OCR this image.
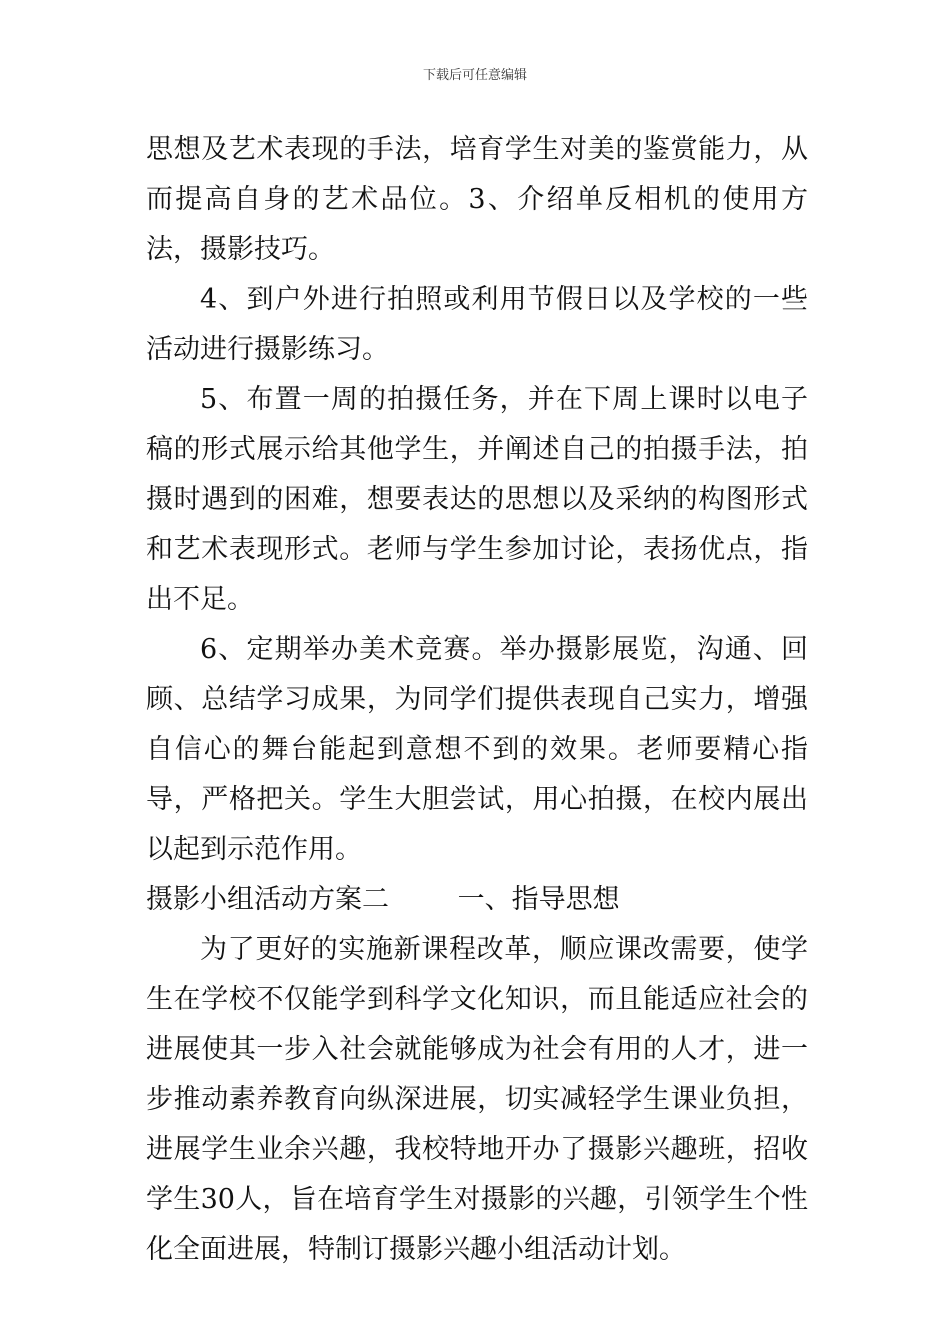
下载后可任意编辑

思想及艺术表现的手法，培育学生对美的鉴赏能力，从而提高自身的艺术品位。3、介绍单反相机的使用方法，摄影技巧。

4、到户外进行拍照或利用节假日以及学校的一些活动进行摄影练习。

5、布置一周的拍摄任务，并在下周上课时以电子稿的形式展示给其他学生，并阐述自己的拍摄手法，拍摄时遇到的困难，想要表达的思想以及采纳的构图形式和艺术表现形式。老师与学生参加讨论，表扬优点，指出不足。

6、定期举办美术竞赛。举办摄影展览，沟通、回顾、总结学习成果，为同学们提供表现自己实力，增强自信心的舞台能起到意想不到的效果。老师要精心指导，严格把关。学生大胆尝试，用心拍摄，在校内展出以起到示范作用。

摄影小组活动方案二	一、指导思想

为了更好的实施新课程改革，顺应课改需要，使学生在学校不仅能学到科学文化知识，而且能适应社会的进展使其一步入社会就能够成为社会有用的人才，进一步推动素养教育向纵深进展，切实减轻学生课业负担，进展学生业余兴趣，我校特地开办了摄影兴趣班，招收学生30人，旨在培育学生对摄影的兴趣，引领学生个性化全面进展，特制订摄影兴趣小组活动计划。
